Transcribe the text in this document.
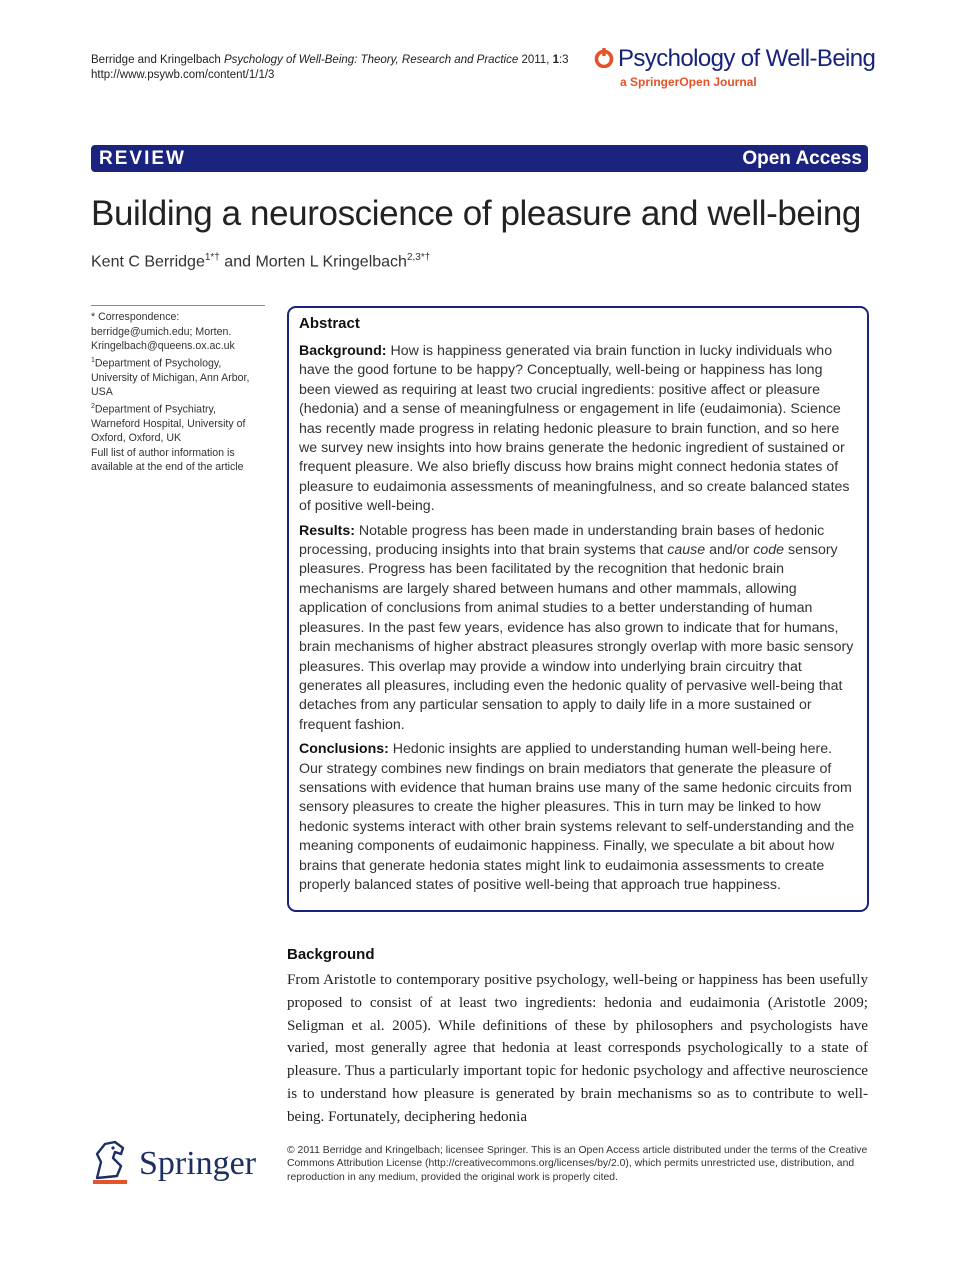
Berridge and Kringelbach Psychology of Well-Being: Theory, Research and Practice 2011, 1:3
http://www.psywb.com/content/1/1/3
Psychology of Well-Being
a SpringerOpen Journal
REVIEW	Open Access
Building a neuroscience of pleasure and well-being
Kent C Berridge$^{1*\dagger}$ and Morten L Kringelbach$^{2,3*\dagger}$

* Correspondence: berridge@umich.edu; Morten. Kringelbach@queens.ox.ac.uk

$^1$Department of Psychology, University of Michigan, Ann Arbor, USA

$^2$Department of Psychiatry, Warneford Hospital, University of Oxford, Oxford, UK

Full list of author information is available at the end of the article

Abstract

Background: How is happiness generated via brain function in lucky individuals who have the good fortune to be happy? Conceptually, well-being or happiness has long been viewed as requiring at least two crucial ingredients: positive affect or pleasure (hedonia) and a sense of meaningfulness or engagement in life (eudaimonia). Science has recently made progress in relating hedonic pleasure to brain function, and so here we survey new insights into how brains generate the hedonic ingredient of sustained or frequent pleasure. We also briefly discuss how brains might connect hedonia states of pleasure to eudaimonia assessments of meaningfulness, and so create balanced states of positive well-being.

Results: Notable progress has been made in understanding brain bases of hedonic processing, producing insights into that brain systems that cause and/or code sensory pleasures. Progress has been facilitated by the recognition that hedonic brain mechanisms are largely shared between humans and other mammals, allowing application of conclusions from animal studies to a better understanding of human pleasures. In the past few years, evidence has also grown to indicate that for humans, brain mechanisms of higher abstract pleasures strongly overlap with more basic sensory pleasures. This overlap may provide a window into underlying brain circuitry that generates all pleasures, including even the hedonic quality of pervasive well-being that detaches from any particular sensation to apply to daily life in a more sustained or frequent fashion.

Conclusions: Hedonic insights are applied to understanding human well-being here. Our strategy combines new findings on brain mediators that generate the pleasure of sensations with evidence that human brains use many of the same hedonic circuits from sensory pleasures to create the higher pleasures. This in turn may be linked to how hedonic systems interact with other brain systems relevant to self-understanding and the meaning components of eudaimonic happiness. Finally, we speculate a bit about how brains that generate hedonia states might link to eudaimonia assessments to create properly balanced states of positive well-being that approach true happiness.

Background

From Aristotle to contemporary positive psychology, well-being or happiness has been usefully proposed to consist of at least two ingredients: hedonia and eudaimonia (Aristotle 2009; Seligman et al. 2005). While definitions of these by philosophers and psychologists have varied, most generally agree that hedonia at least corresponds psychologically to a state of pleasure. Thus a particularly important topic for hedonic psychology and affective neuroscience is to understand how pleasure is generated by brain mechanisms so as to contribute to well-being. Fortunately, deciphering hedonia

Springer	© 2011 Berridge and Kringelbach; licensee Springer. This is an Open Access article distributed under the terms of the Creative Commons Attribution License (http://creativecommons.org/licenses/by/2.0), which permits unrestricted use, distribution, and reproduction in any medium, provided the original work is properly cited.
